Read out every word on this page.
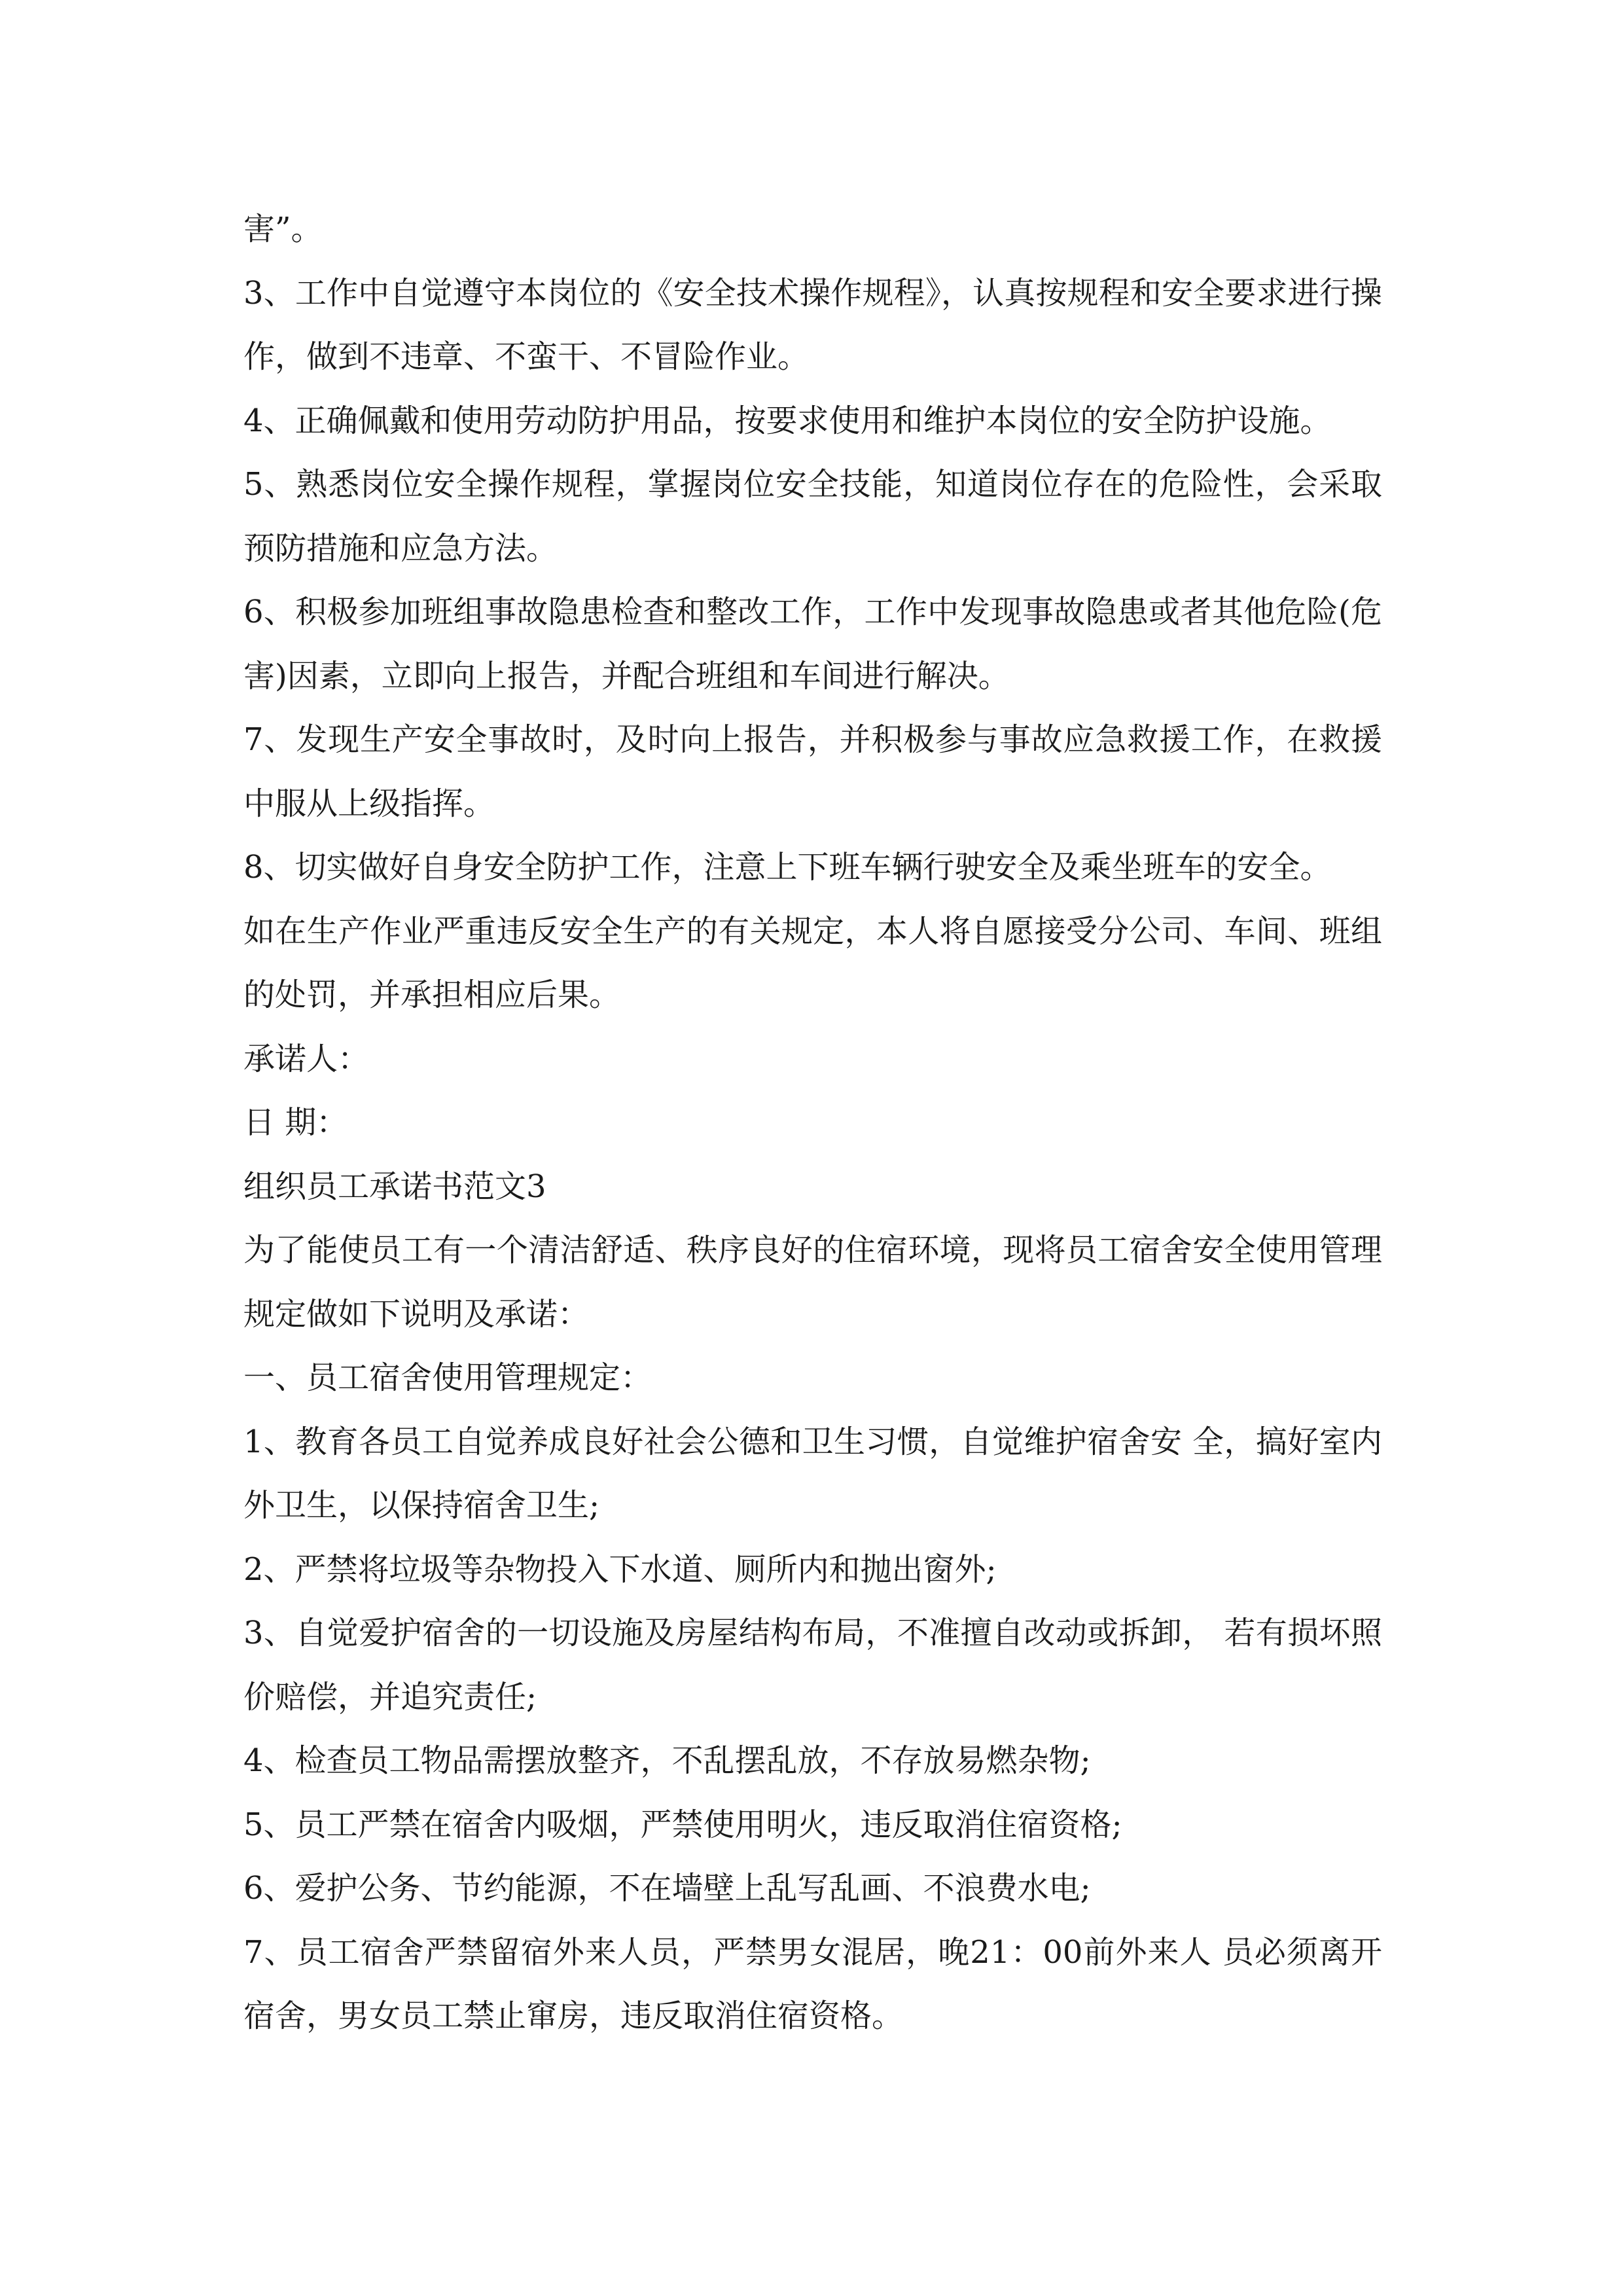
害”。

3、工作中自觉遵守本岗位的《安全技术操作规程》，认真按规程和安全要求进行操作，做到不违章、不蛮干、不冒险作业。

4、正确佩戴和使用劳动防护用品，按要求使用和维护本岗位的安全防护设施。

5、熟悉岗位安全操作规程，掌握岗位安全技能，知道岗位存在的危险性，会采取预防措施和应急方法。

6、积极参加班组事故隐患检查和整改工作，工作中发现事故隐患或者其他危险(危害)因素，立即向上报告，并配合班组和车间进行解决。

7、发现生产安全事故时，及时向上报告，并积极参与事故应急救援工作，在救援中服从上级指挥。

8、切实做好自身安全防护工作，注意上下班车辆行驶安全及乘坐班车的安全。

如在生产作业严重违反安全生产的有关规定，本人将自愿接受分公司、车间、班组的处罚，并承担相应后果。

承诺人：

日 期：

组织员工承诺书范文3

为了能使员工有一个清洁舒适、秩序良好的住宿环境，现将员工宿舍安全使用管理规定做如下说明及承诺：

一、员工宿舍使用管理规定：

1、教育各员工自觉养成良好社会公德和卫生习惯，自觉维护宿舍安 全，搞好室内外卫生，以保持宿舍卫生;

2、严禁将垃圾等杂物投入下水道、厕所内和抛出窗外;

3、自觉爱护宿舍的一切设施及房屋结构布局，不准擅自改动或拆卸， 若有损坏照价赔偿，并追究责任;

4、检查员工物品需摆放整齐，不乱摆乱放，不存放易燃杂物;

5、员工严禁在宿舍内吸烟，严禁使用明火，违反取消住宿资格;

6、爱护公务、节约能源，不在墙壁上乱写乱画、不浪费水电;

7、员工宿舍严禁留宿外来人员，严禁男女混居，晚21：00前外来人 员必须离开宿舍，男女员工禁止窜房，违反取消住宿资格。
